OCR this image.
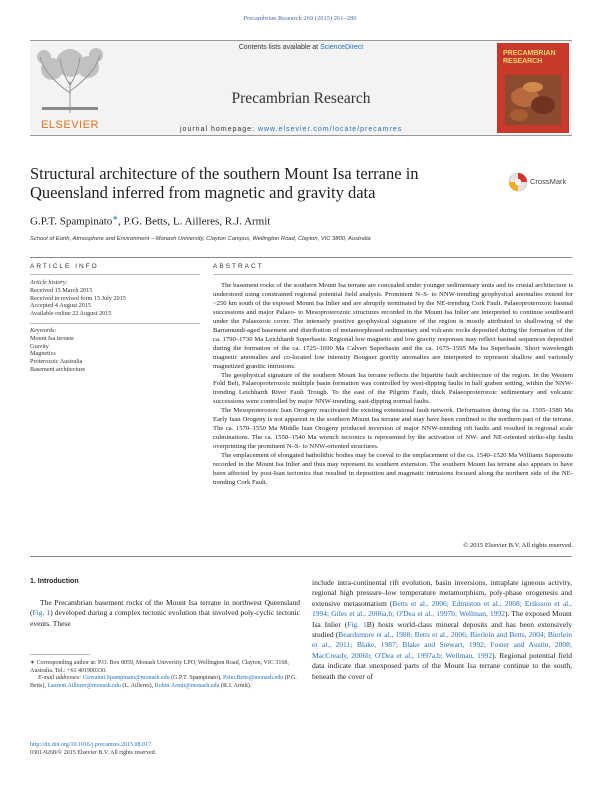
Precambrian Research 269 (2015) 261–280
ELSEVIER
Contents lists available at ScienceDirect
Precambrian Research
journal homepage: www.elsevier.com/locate/precamres
PRECAMBRIAN RESEARCH
Structural architecture of the southern Mount Isa terrane in
Queensland inferred from magnetic and gravity data
CrossMark
G.P.T. Spampinato∗, P.G. Betts, L. Ailleres, R.J. Armit
School of Earth, Atmosphere and Environment – Monash University, Clayton Campus, Wellington Road, Clayton, VIC 3800, Australia
ARTICLE INFO
Article history:
Received 15 March 2015
Received in revised form 15 July 2015
Accepted 4 August 2015
Available online 22 August 2015
Keywords:
Mount Isa terrane
Gravity
Magnetics
Proterozoic Australia
Basement architecture
ABSTRACT

The basement rocks of the southern Mount Isa terrane are concealed under younger sedimentary units and its crustal architecture is understood using constrained regional potential field analysis. Prominent N–S- to NNW-trending geophysical anomalies extend for ~250 km south of the exposed Mount Isa Inlier and are abruptly terminated by the NE-trending Cork Fault. Palaeoproterozoic basinal successions and major Palaeo- to Mesoproterozoic structures recorded in the Mount Isa Inlier are interpreted to continue southward under the Palaeozoic cover. The intensely positive geophysical signature of the region is mostly attributed to shallowing of the Barramundi-aged basement and distribution of metamorphosed sedimentary and volcanic rocks deposited during the formation of the ca. 1790–1730 Ma Leichhardt Superbasin. Regional low magnetic and low gravity responses may reflect basinal sequences deposited during the formation of the ca. 1725–1690 Ma Calvert Superbasin and the ca. 1675–1595 Ma Isa Superbasin. Short wavelength magnetic anomalies and co-located low intensity Bouguer gravity anomalies are interpreted to represent shallow and variously magnetized granitic intrusions.

The geophysical signature of the southern Mount Isa terrane reflects the bipartite fault architecture of the region. In the Western Fold Belt, Palaeoproterozoic multiple basin formation was controlled by west-dipping faults in half graben setting, within the NNW-trending Leichhardt River Fault Trough. To the east of the Pilgrim Fault, thick Palaeoproterozoic sedimentary and volcanic successions were controlled by major NNW-trending, east-dipping normal faults.

The Mesoproterozoic Isan Orogeny reactivated the existing extensional fault network. Deformation during the ca. 1595–1580 Ma Early Isan Orogeny is not apparent in the southern Mount Isa terrane and may have been confined to the northern part of the terrane. The ca. 1570–1550 Ma Middle Isan Orogeny produced inversion of major NNW-trending rift faults and resulted in regional scale culminations. The ca. 1550–1540 Ma wrench tectonics is represented by the activation of NW- and NE-oriented strike-slip faults overprinting the prominent N–S- to NNW-oriented structures.

The emplacement of elongated batholithic bodies may be coeval to the emplacement of the ca. 1540–1520 Ma Williams Supersuite recorded in the Mount Isa Inlier and thus may represent its southern extension. The southern Mount Isa terrane also appears to have been affected by post-Isan tectonics that resulted in deposition and magmatic intrusions focused along the northern side of the NE-trending Cork Fault.

© 2015 Elsevier B.V. All rights reserved.
1. Introduction
The Precambrian basement rocks of the Mount Isa terrane in northwest Queensland (Fig. 1) developed during a complex tectonic evolution that involved poly-cyclic tectonic events. These
include intra-continental rift evolution, basin inversions, intraplate igneous activity, regional high pressure–low temperature metamorphism, poly-phase orogenesis and extensive metasomatism (Betts et al., 2006; Edmiston et al., 2008; Eriksson et al., 1994; Giles et al., 2006a,b; O'Dea et al., 1997b; Wellman, 1992). The exposed Mount Isa Inlier (Fig. 1B) hosts world-class mineral deposits and has been extensively studied (Beardsmore et al., 1988; Betts et al., 2006; Bierlein and Betts, 2004; Bierlein et al., 2011; Blake, 1987; Blake and Stewart, 1992; Foster and Austin, 2008; MacCready, 2006b; O'Dea et al., 1997a,b; Wellman, 1992). Regional potential field data indicate that unexposed parts of the Mount Isa terrane continue to the south, beneath the cover of
∗ Corresponding author at: P.O. Box 8059, Monash University LPO, Wellington Road, Clayton, VIC 3168, Australia. Tel.: +61 401900330.
E-mail addresses: Giovanni.Spampinato@monash.edu (G.P.T. Spampinato), Peter.Betts@monash.edu (P.G. Betts), Laurent.Ailleres@monash.edu (L. Ailleres), Robin.Armit@monash.edu (R.J. Armit).
http://dx.doi.org/10.1016/j.precamres.2015.08.017
0301-9268/© 2015 Elsevier B.V. All rights reserved.
